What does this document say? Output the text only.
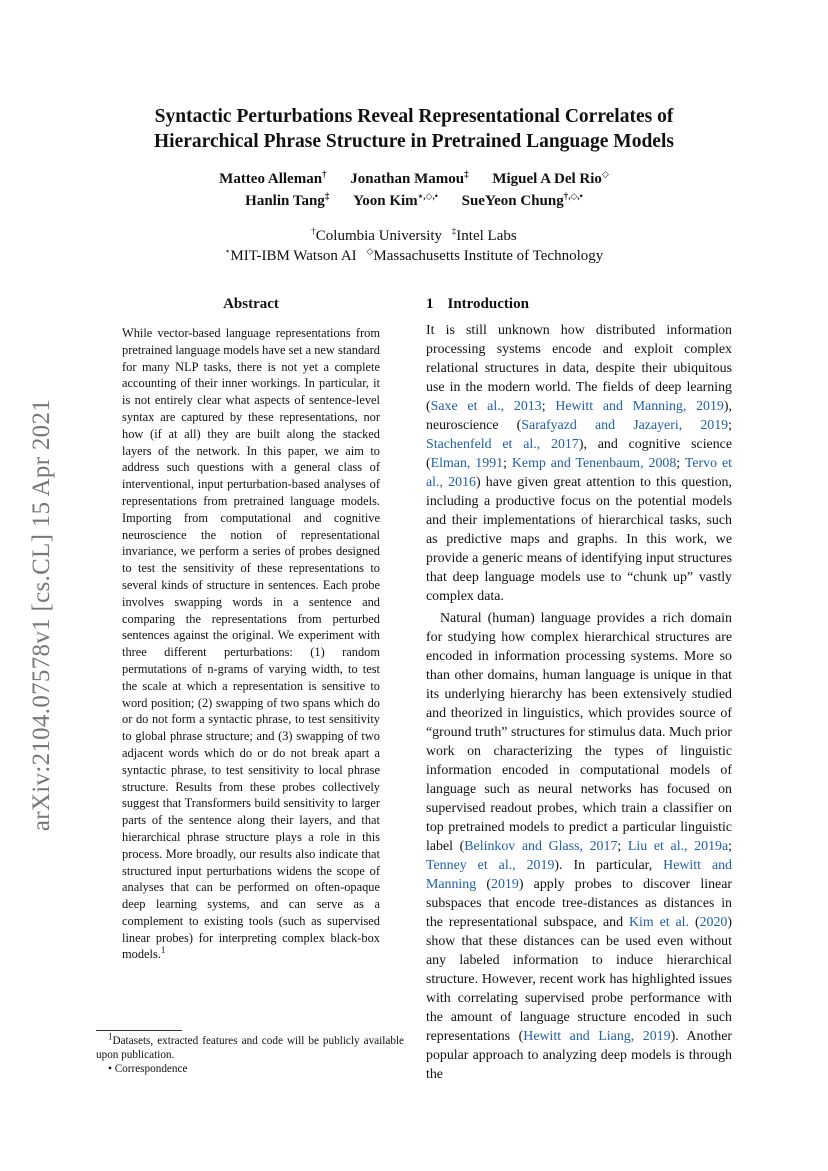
arXiv:2104.07578v1 [cs.CL] 15 Apr 2021
Syntactic Perturbations Reveal Representational Correlates of
Hierarchical Phrase Structure in Pretrained Language Models
Matteo Alleman† Jonathan Mamou‡ Miguel A Del Rio◇
Hanlin Tang‡ Yoon Kim⋆,◇,• SueYeon Chung†,◇,•
†Columbia University ‡Intel Labs
⋆MIT-IBM Watson AI ◇Massachusetts Institute of Technology
Abstract
While vector-based language representations from pretrained language models have set a new standard for many NLP tasks, there is not yet a complete accounting of their inner workings. In particular, it is not entirely clear what aspects of sentence-level syntax are captured by these representations, nor how (if at all) they are built along the stacked layers of the network. In this paper, we aim to address such questions with a general class of interventional, input perturbation-based analyses of representations from pretrained language models. Importing from computational and cognitive neuroscience the notion of representational invariance, we perform a series of probes designed to test the sensitivity of these representations to several kinds of structure in sentences. Each probe involves swapping words in a sentence and comparing the representations from perturbed sentences against the original. We experiment with three different perturbations: (1) random permutations of n-grams of varying width, to test the scale at which a representation is sensitive to word position; (2) swapping of two spans which do or do not form a syntactic phrase, to test sensitivity to global phrase structure; and (3) swapping of two adjacent words which do or do not break apart a syntactic phrase, to test sensitivity to local phrase structure. Results from these probes collectively suggest that Transformers build sensitivity to larger parts of the sentence along their layers, and that hierarchical phrase structure plays a role in this process. More broadly, our results also indicate that structured input perturbations widens the scope of analyses that can be performed on often-opaque deep learning systems, and can serve as a complement to existing tools (such as supervised linear probes) for interpreting complex black-box models.$^1$
1 Introduction

It is still unknown how distributed information processing systems encode and exploit complex relational structures in data, despite their ubiquitous use in the modern world. The fields of deep learning (Saxe et al., 2013; Hewitt and Manning, 2019), neuroscience (Sarafyazd and Jazayeri, 2019; Stachenfeld et al., 2017), and cognitive science (Elman, 1991; Kemp and Tenenbaum, 2008; Tervo et al., 2016) have given great attention to this question, including a productive focus on the potential models and their implementations of hierarchical tasks, such as predictive maps and graphs. In this work, we provide a generic means of identifying input structures that deep language models use to “chunk up” vastly complex data.

Natural (human) language provides a rich domain for studying how complex hierarchical structures are encoded in information processing systems. More so than other domains, human language is unique in that its underlying hierarchy has been extensively studied and theorized in linguistics, which provides source of “ground truth” structures for stimulus data. Much prior work on characterizing the types of linguistic information encoded in computational models of language such as neural networks has focused on supervised readout probes, which train a classifier on top pretrained models to predict a particular linguistic label (Belinkov and Glass, 2017; Liu et al., 2019a; Tenney et al., 2019). In particular, Hewitt and Manning (2019) apply probes to discover linear subspaces that encode tree-distances as distances in the representational subspace, and Kim et al. (2020) show that these distances can be used even without any labeled information to induce hierarchical structure. However, recent work has highlighted issues with correlating supervised probe performance with the amount of language structure encoded in such representations (Hewitt and Liang, 2019). Another popular approach to analyzing deep models is through the

$^1$Datasets, extracted features and code will be publicly available upon publication.

• Correspondence
